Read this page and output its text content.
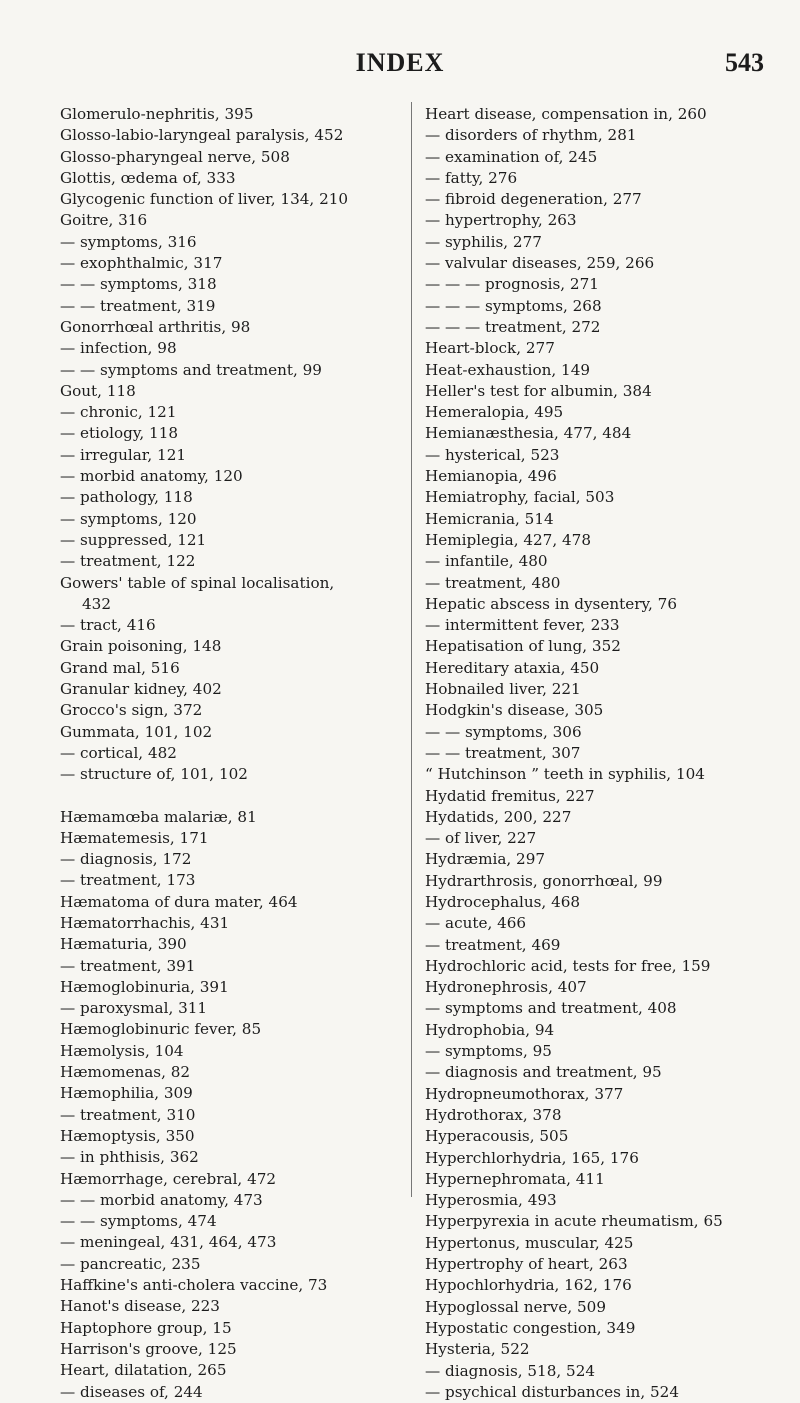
INDEX	543
Glomerulo-nephritis, 395
Glosso-labio-laryngeal paralysis, 452
Glosso-pharyngeal nerve, 508
Glottis, œdema of, 333
Glycogenic function of liver, 134, 210
Goitre, 316
— symptoms, 316
— exophthalmic, 317
— — symptoms, 318
— — treatment, 319
Gonorrhœal arthritis, 98
— infection, 98
— — symptoms and treatment, 99
Gout, 118
— chronic, 121
— etiology, 118
— irregular, 121
— morbid anatomy, 120
— pathology, 118
— symptoms, 120
— suppressed, 121
— treatment, 122
Gowers' table of spinal localisation,
432
— tract, 416
Grain poisoning, 148
Grand mal, 516
Granular kidney, 402
Grocco's sign, 372
Gummata, 101, 102
— cortical, 482
— structure of, 101, 102
Hæmamœba malariæ, 81
Hæmatemesis, 171
— diagnosis, 172
— treatment, 173
Hæmatoma of dura mater, 464
Hæmatorrhachis, 431
Hæmaturia, 390
— treatment, 391
Hæmoglobinuria, 391
— paroxysmal, 311
Hæmoglobinuric fever, 85
Hæmolysis, 104
Hæmomenas, 82
Hæmophilia, 309
— treatment, 310
Hæmoptysis, 350
— in phthisis, 362
Hæmorrhage, cerebral, 472
— — morbid anatomy, 473
— — symptoms, 474
— meningeal, 431, 464, 473
— pancreatic, 235
Haffkine's anti-cholera vaccine, 73
Hanot's disease, 223
Haptophore group, 15
Harrison's groove, 125
Heart, dilatation, 265
— diseases of, 244
Heart disease, compensation in, 260
— disorders of rhythm, 281
— examination of, 245
— fatty, 276
— fibroid degeneration, 277
— hypertrophy, 263
— syphilis, 277
— valvular diseases, 259, 266
— — — prognosis, 271
— — — symptoms, 268
— — — treatment, 272
Heart-block, 277
Heat-exhaustion, 149
Heller's test for albumin, 384
Hemeralopia, 495
Hemianæsthesia, 477, 484
— hysterical, 523
Hemianopia, 496
Hemiatrophy, facial, 503
Hemicrania, 514
Hemiplegia, 427, 478
— infantile, 480
— treatment, 480
Hepatic abscess in dysentery, 76
— intermittent fever, 233
Hepatisation of lung, 352
Hereditary ataxia, 450
Hobnailed liver, 221
Hodgkin's disease, 305
— — symptoms, 306
— — treatment, 307
“ Hutchinson ” teeth in syphilis, 104
Hydatid fremitus, 227
Hydatids, 200, 227
— of liver, 227
Hydræmia, 297
Hydrarthrosis, gonorrhœal, 99
Hydrocephalus, 468
— acute, 466
— treatment, 469
Hydrochloric acid, tests for free, 159
Hydronephrosis, 407
— symptoms and treatment, 408
Hydrophobia, 94
— symptoms, 95
— diagnosis and treatment, 95
Hydropneumothorax, 377
Hydrothorax, 378
Hyperacousis, 505
Hyperchlorhydria, 165, 176
Hypernephromata, 411
Hyperosmia, 493
Hyperpyrexia in acute rheumatism, 65
Hypertonus, muscular, 425
Hypertrophy of heart, 263
Hypochlorhydria, 162, 176
Hypoglossal nerve, 509
Hypostatic congestion, 349
Hysteria, 522
— diagnosis, 518, 524
— psychical disturbances in, 524
